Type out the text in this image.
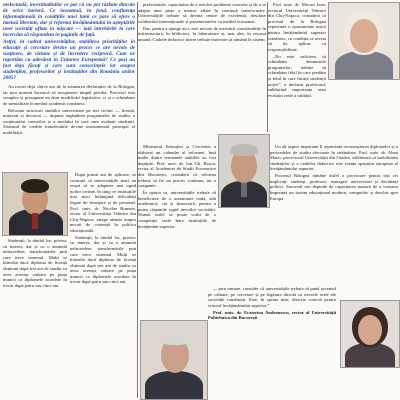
ntelectuală, incertitudinilor ce par că nu pot răzbate dincolo de orice barieră. Ce înseamnă, în fond, confluența informațională în condițiile unei lumi ce pare să ofere o imensă libertate, dar și reforma învățământului în așteptările unei societăți aflate în mișcare — iată întrebările la care încercăm să răspundem în paginile de față.

Astfel, în cadrul universităților, stabilirea priorităților în educație și cercetare devine un proces ce are nevoie de susținere, de viziune și de încredere reciprocă. Cum ne raportăm cu adevărat la Uniunea Europeană? Ce pași au fost deja făcuți și care sunt consecințele lor asupra studenților, profesorilor și instituțiilor din România anilor 2005?

Au trecut deja câțiva ani de la semnarea declarației de la Bologna, iar țara noastră încearcă să recupereze timpul pierdut. Procesul este complex și presupune nu doar modificări legislative, ci și o schimbare de mentalitate în mediul academic românesc.

Reforma structurii studiilor universitare pe trei cicluri — licență, masterat și doctorat — impune regândirea programelor de studiu, a conținutului cursurilor și a modului în care sunt evaluați studenții. Sistemul de credite transferabile devine instrumentul principal al mobilității.

profesionale, capacitatea de a rezolva probleme concrete și de a se adapta unei piețe a muncii aflate în continuă transformare. Universitățile trebuie să devină centre de excelență, deschise colaborării internaționale și parteneriatelor cu mediul economic.

Dar, pentru a ajunge aici, este nevoie de investiții considerabile în infrastructură, în biblioteci, în laboratoare și, mai ales, în resursa umană. Cadrele didactice tinere trebuie motivate să rămână în sistem.

Prof. univ. dr. Mircea Ivan, rectorul Universității Tehnice din Cluj-Napoca, consideră că procesul de la Bologna reprezintă o oportunitate unică pentru învățământul superior românesc, cu condiția ca acesta să fie aplicat cu responsabilitate.

„Nu este suficient să schimbăm denumirile programelor; trebuie să schimbăm felul în care predăm și felul în care învață studenții noștri”, a declarat profesorul, subliniind importanța unei evaluări reale a calității.

După primii ani de aplicare, se constată că universitățile mari au reușit să se adapteze mai rapid noilor cerințe, în timp ce instituțiile mai mici întâmpină dificultăți legate de finanțare și de personal. Prof. univ. dr. Nicolae Burnete, rector al Universității Tehnice din Cluj-Napoca, atrage atenția asupra nevoii de coerență în politica educațională.

Studenții, la rândul lor, privesc cu interes, dar și cu o anumită neîncredere, transformările prin care trece sistemul. Mulți se întreabă dacă diploma de licență obținută după trei ani de studiu va avea aceeași valoare pe piața muncii ca diplomele acordate în trecut după patru sau cinci ani.

Studenții, la rândul lor, privesc cu interes, dar și cu o anumită neîncredere, transformările prin care trece sistemul. Mulți se întreabă dacă diploma de licență obținută după trei ani de studiu va avea aceeași valoare pe piața muncii ca diplomele acordate în trecut după patru sau cinci ani.

Ministerul Educației și Cercetării a elaborat un calendar al reformei, însă multe dintre termenele stabilite au fost depășite. Prof. univ. dr. Ion Gh. Roșca, rector al Academiei de Studii Economice din București, consideră că reforma trebuie să fie un proces continuu, nu o campanie.

În opinia sa, universitățile trebuie să beneficieze de o autonomie reală, atât academică, cât și financiară, pentru a putea răspunde rapid nevoilor societății. Numai astfel se poate vorbi de o competiție reală între instituțiile de învățământ superior.

Un alt aspect important îl reprezintă recunoașterea diplomelor și a perioadelor de studiu efectuate în străinătate. Prof. univ. dr. Alma Maier, prorectorul Universității din Oradea, subliniază că mobilitatea studenților și a cadrelor didactice este esența spațiului european al învățământului superior.

Procesul Bologna rămâne astfel o provocare pentru toți cei implicați: studenți, profesori, manageri universitari și decidenți politici. Succesul său depinde de capacitatea noastră de a construi împreună un sistem educațional modern, competitiv și deschis spre Europa.

„...prin urmare, consider că universitățile trebuie să pună accentul pe calitate, pe cercetare și pe legătura directă cu nevoile reale ale societății românești. Este, în opinia mea, direcția corectă pentru viitorul învățământului superior.”

Prof. univ. dr. Ecaterina Andronescu, rector al Universității Politehnica din București
